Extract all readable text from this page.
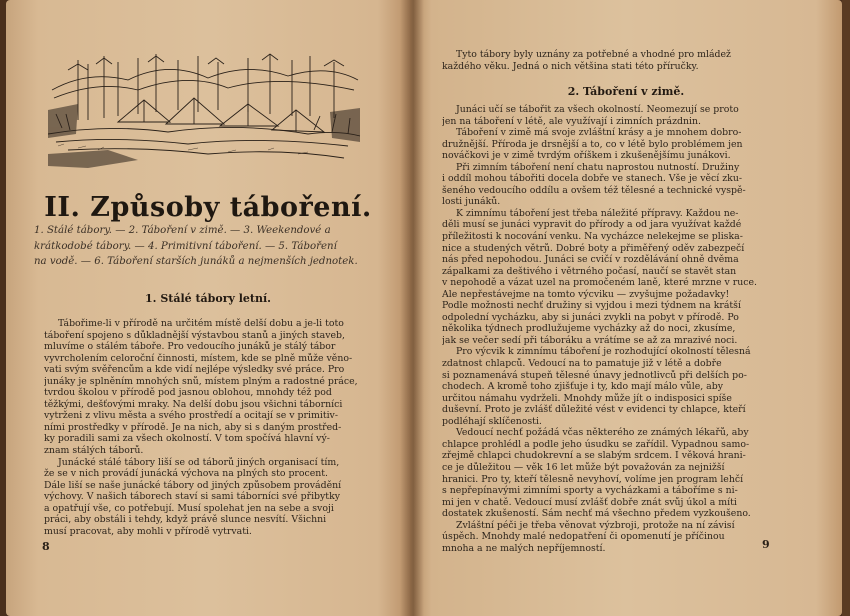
II. Způsoby táboření.
1. Stálé tábory. — 2. Táboření v zimě. — 3. Weekendové a
krátkodobé tábory. — 4. Primitivní táboření. — 5. Táboření
na vodě. — 6. Táboření starších junáků a nejmenších jednotek.
1. Stálé tábory letní.
Tábořime-li v přírodě na určitém místě delší dobu a je-li toto
táboření spojeno s důkladnější výstavbou stanů a jiných staveb,
mluvíme o stálém táboře. Pro vedoucího junáků je stálý tábor
vyvrcholením celoroční činnosti, místem, kde se plně může věno-
vati svým svěřencům a kde vidí nejlépe výsledky své práce. Pro
junáky je splněním mnohých snů, místem plným a radostné práce,
tvrdou školou v přírodě pod jasnou oblohou, mnohdy též pod
těžkými, dešťovými mraky. Na delší dobu jsou všichni táborníci
vytrženi z vlivu města a svého prostředí a ocitají se v primitiv-
ními prostředky v přírodě. Je na nich, aby si s daným prostřed-
ky poradili sami za všech okolností. V tom spočívá hlavní vý-
znam stálých táborů.
Junácké stálé tábory liší se od táborů jiných organisací tím,
že se v nich provádí junácká výchova na plných sto procent.
Dále liší se naše junácké tábory od jiných způsobem provádění
výchovy. V našich táborech staví si sami táborníci své přibytky
a opatřují vše, co potřebují. Musí spolehat jen na sebe a svoji
práci, aby obstáli i tehdy, když právě slunce nesvítí. Všichni
musí pracovat, aby mohli v přírodě vytrvati.
8
Tyto tábory byly uznány za potřebné a vhodné pro mládež
každého věku. Jedná o nich většina stati této příručky.
2. Táboření v zimě.
Junáci učí se tábořit za všech okolností. Neomezují se proto
jen na táboření v létě, ale využívají i zimních prázdnin.
Táboření v zimě má svoje zvláštní krásy a je mnohem dobro-
družnější. Příroda je drsnější a to, co v létě bylo problémem jen
nováčkovi je v zimě tvrdým oříškem i zkušenějšímu junákovi.
Při zimním táboření není chatu naprostou nutností. Družiny
i oddíl mohou tábořiti docela dobře ve stanech. Vše je věcí zku-
šeného vedoucího oddílu a ovšem též tělesné a technické vyspě-
losti junáků.
K zimnímu táboření jest třeba náležité přípravy. Každou ne-
děli musí se junáci vypravit do přírody a od jara využívat každé
příležitosti k nocování venku. Na vycházce nelekejme se pliska-
nice a studených větrů. Dobré boty a přiměřený oděv zabezpečí
nás před nepohodou. Junáci se cvičí v rozdělávání ohně dvěma
zápalkami za deštivého i větrného počasí, naučí se stavět stan
v nepohodě a vázat uzel na promočeném laně, které mrzne v ruce.
Ale nepřestávejme na tomto výcviku — zvyšujme požadavky!
Podle možnosti nechť družiny si vyjdou i mezi týdnem na krátší
odpolední vycházku, aby si junáci zvykli na pobyt v přírodě. Po
několika týdnech prodlužujeme vycházky až do noci, zkusíme,
jak se večer sedí při táboráku a vrátíme se až za mrazivé noci.
Pro výcvik k zimnímu táboření je rozhodující okolností tělesná
zdatnost chlapců. Vedoucí na to pamatuje již v létě a dobře
si poznamenává stupeň tělesné únavy jednotlivců při delších po-
chodech. A kromě toho zjišťuje i ty, kdo mají málo vůle, aby
určitou námahu vydrželi. Mnohdy může jít o indisposici spíše
duševní. Proto je zvlášť důležité vést v evidenci ty chlapce, kteří
podléhají sklíčenosti.
Vedoucí nechť požádá včas některého ze známých lékařů, aby
chlapce prohlédl a podle jeho úsudku se zařídil. Vypadnou samo-
zřejmě chlapci chudokrevní a se slabým srdcem. I věková hrani-
ce je důležitou — věk 16 let může být považován za nejnižší
hranici. Pro ty, kteří tělesně nevyhoví, volíme jen program lehčí
s nepřepínavými zimními sporty a vycházkami a táboříme s ni-
mi jen v chatě. Vedoucí musí zvlášť dobře znát svůj úkol a míti
dostatek zkušeností. Sám nechť má všechno předem vyzkoušeno.
Zvláštní péči je třeba věnovat výzbroji, protože na ní závisí
úspěch. Mnohdy malé nedopatření či opomenutí je příčinou
mnoha a ne malých nepříjemností.	9
